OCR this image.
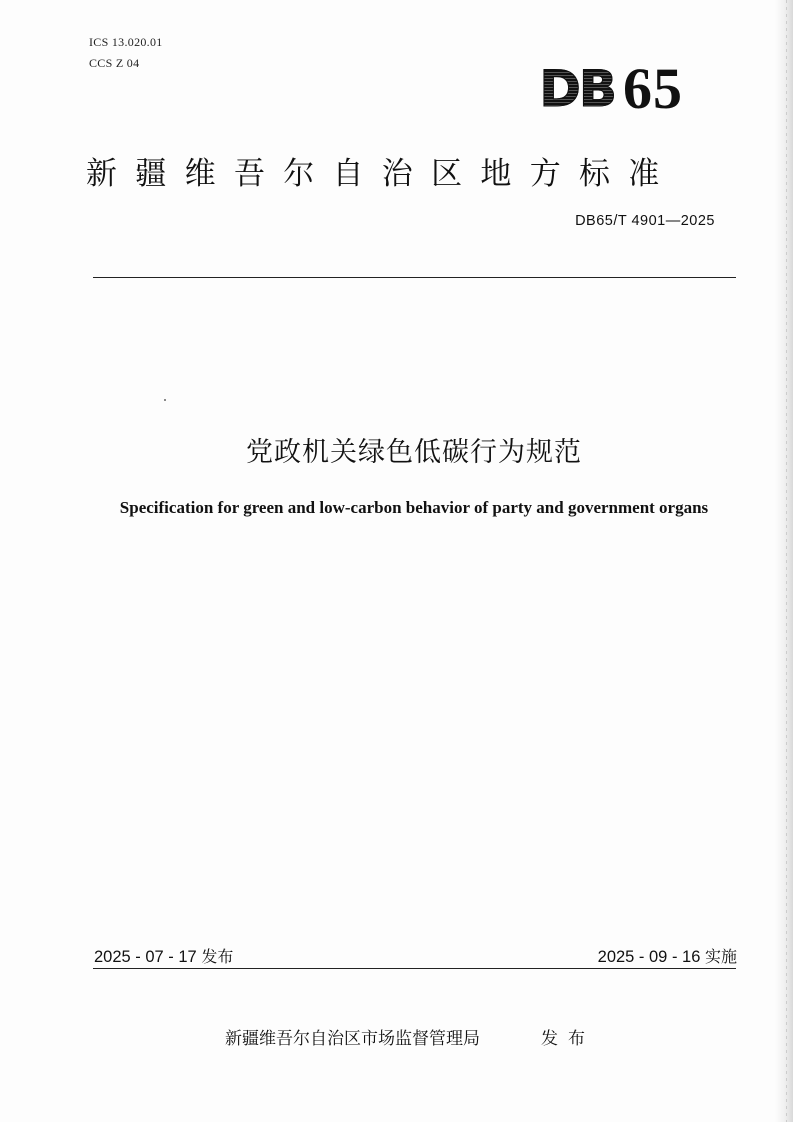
ICS 13.020.01
CCS Z 04	DB 65
新疆维吾尔自治区地方标准
DB65/T 4901—2025
党政机关绿色低碳行为规范
Specification for green and low-carbon behavior of party and government organs
2025 - 07 - 17 发布	2025 - 09 - 16 实施
新疆维吾尔自治区市场监督管理局	发布
